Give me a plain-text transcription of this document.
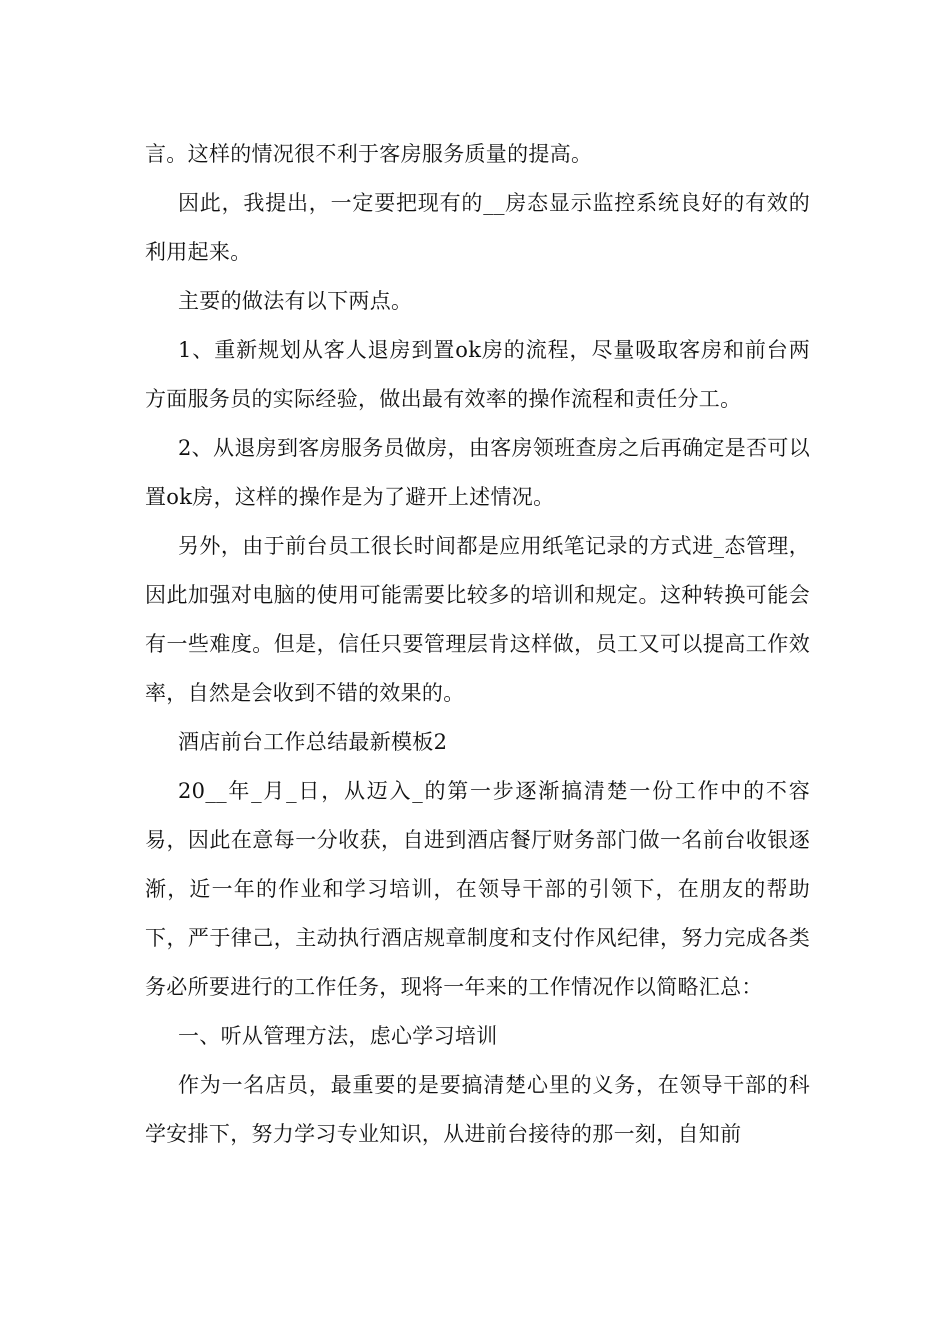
言。这样的情况很不利于客房服务质量的提高。

因此，我提出，一定要把现有的__房态显示监控系统良好的有效的利用起来。

主要的做法有以下两点。

1、重新规划从客人退房到置ok房的流程，尽量吸取客房和前台两方面服务员的实际经验，做出最有效率的操作流程和责任分工。

2、从退房到客房服务员做房，由客房领班查房之后再确定是否可以置ok房，这样的操作是为了避开上述情况。

另外，由于前台员工很长时间都是应用纸笔记录的方式进_态管理，因此加强对电脑的使用可能需要比较多的培训和规定。这种转换可能会有一些难度。但是，信任只要管理层肯这样做，员工又可以提高工作效率，自然是会收到不错的效果的。

酒店前台工作总结最新模板2

20__年_月_日，从迈入_的第一步逐渐搞清楚一份工作中的不容易，因此在意每一分收获，自进到酒店餐厅财务部门做一名前台收银逐渐，近一年的作业和学习培训，在领导干部的引领下，在朋友的帮助下，严于律己，主动执行酒店规章制度和支付作风纪律，努力完成各类务必所要进行的工作任务，现将一年来的工作情况作以简略汇总：

一、听从管理方法，虑心学习培训

作为一名店员，最重要的是要搞清楚心里的义务，在领导干部的科学安排下，努力学习专业知识，从进前台接待的那一刻，自知前
